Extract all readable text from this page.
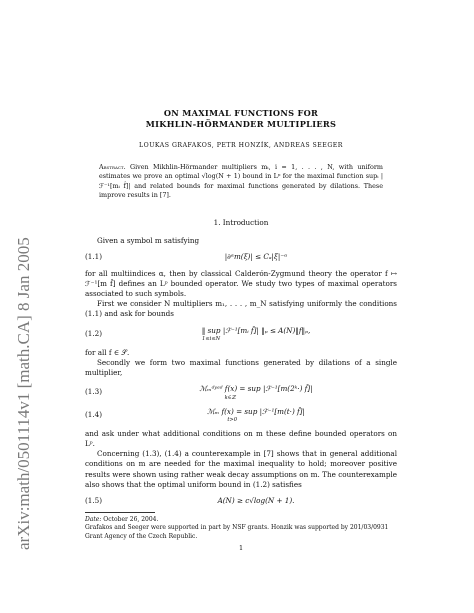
arXiv:math/0501114v1 [math.CA] 8 Jan 2005
ON MAXIMAL FUNCTIONS FOR
MIKHLIN-HÖRMANDER MULTIPLIERS
LOUKAS GRAFAKOS, PETR HONZÍK, ANDREAS SEEGER
Abstract. Given Mikhlin-Hörmander multipliers mᵢ, i = 1, . . . , N, with uniform estimates we prove an optimal √log(N + 1) bound in Lᵖ for the maximal function supᵢ |ℱ⁻¹[mᵢ f̂]| and related bounds for maximal functions generated by dilations. These improve results in [7].
1. Introduction

Given a symbol m satisfying

(1.1)	|∂ᵅm(ξ)| ≤ Cₐ|ξ|⁻ᵅ

for all multiindices α, then by classical Calderón-Zygmund theory the operator f ↦ ℱ⁻¹[m f̂] defines an Lᵖ bounded operator. We study two types of maximal operators associated to such symbols.

First we consider N multipliers m₁, . . . , m_N satisfying uniformly the conditions (1.1) and ask for bounds

(1.2)	‖ sup
1≤i≤N
|ℱ⁻¹[mᵢ f̂]| ‖ₚ ≤ A(N)‖f‖ₚ,

for all f ∈ 𝒮.

Secondly we form two maximal functions generated by dilations of a single multiplier,

(1.3)	ℳₘᵈʸᵃᵈ f(x) = sup
k∈ℤ
|ℱ⁻¹[m(2ᵏ·) f̂]|
(1.4)	ℳₘ f(x) = sup
t>0
|ℱ⁻¹[m(t·) f̂]|

and ask under what additional conditions on m these define bounded operators on Lᵖ.

Concerning (1.3), (1.4) a counterexample in [7] shows that in general additional conditions on m are needed for the maximal inequality to hold; moreover positive results were shown using rather weak decay assumptions on m. The counterexample also shows that the optimal uniform bound in (1.2) satisfies

(1.5)	A(N) ≥ c√log(N + 1).
Date: October 26, 2004.
Grafakos and Seeger were supported in part by NSF grants. Honzik was supported by 201/03/0931 Grant Agency of the Czech Republic.
1
